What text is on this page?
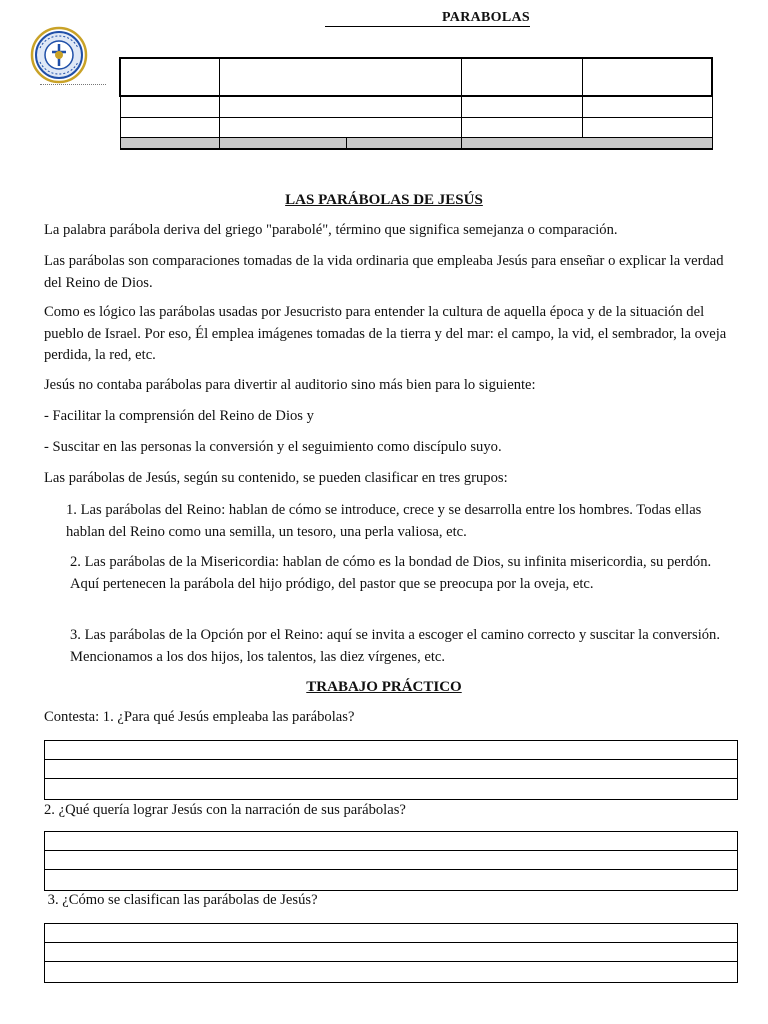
PARABOLAS

LAS PARÁBOLAS DE JESÚS

La palabra parábola deriva del griego "parabolé", término que significa semejanza o comparación.

Las parábolas son comparaciones tomadas de la vida ordinaria que empleaba Jesús para enseñar o explicar la verdad del Reino de Dios.

Como es lógico las parábolas usadas por Jesucristo para entender la cultura de aquella época y de la situación del pueblo de Israel. Por eso, Él emplea imágenes tomadas de la tierra y del mar: el campo, la vid, el sembrador, la oveja perdida, la red, etc.

Jesús no contaba parábolas para divertir al auditorio sino más bien para lo siguiente:

- Facilitar la comprensión del Reino de Dios y

- Suscitar en las personas la conversión y el seguimiento como discípulo suyo.

Las parábolas de Jesús, según su contenido, se pueden clasificar en tres grupos:

1. Las parábolas del Reino: hablan de cómo se introduce, crece y se desarrolla entre los hombres. Todas ellas hablan del Reino como una semilla, un tesoro, una perla valiosa, etc.

2. Las parábolas de la Misericordia: hablan de cómo es la bondad de Dios, su infinita misericordia, su perdón. Aquí pertenecen la parábola del hijo pródigo, del pastor que se preocupa por la oveja, etc.

3. Las parábolas de la Opción por el Reino: aquí se invita a escoger el camino correcto y suscitar la conversión. Mencionamos a los dos hijos, los talentos, las diez vírgenes, etc.

TRABAJO PRÁCTICO

Contesta: 1. ¿Para qué Jesús empleaba las parábolas?

2. ¿Qué quería lograr Jesús con la narración de sus parábolas?

3. ¿Cómo se clasifican las parábolas de Jesús?
